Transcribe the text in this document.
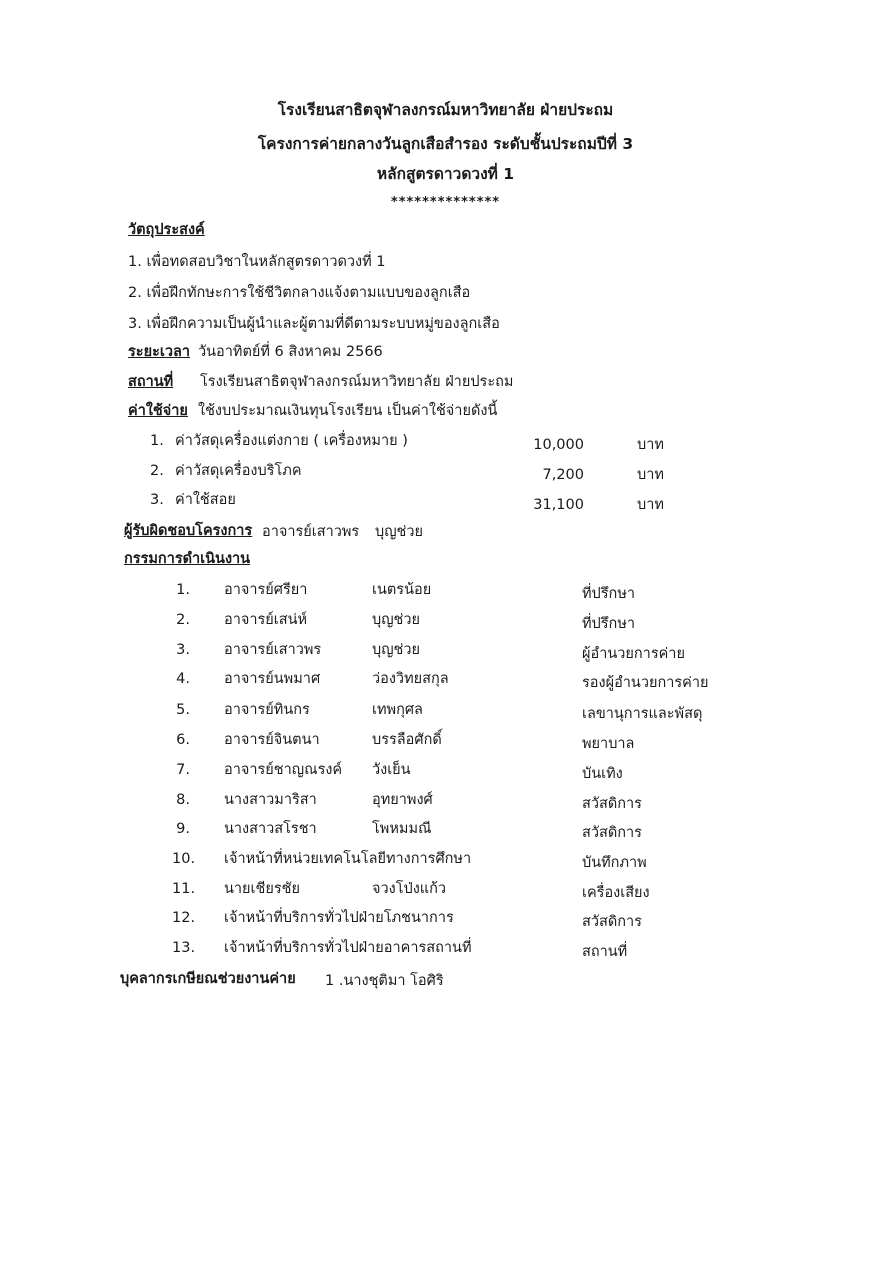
โรงเรียนสาธิตจุฬาลงกรณ์มหาวิทยาลัย ฝ่ายประถม
โครงการค่ายกลางวันลูกเสือสำรอง ระดับชั้นประถมปีที่ 3
หลักสูตรดาวดวงที่ 1
**************
วัตถุประสงค์
1. เพื่อทดสอบวิชาในหลักสูตรดาวดวงที่ 1
2. เพื่อฝึกทักษะการใช้ชีวิตกลางแจ้งตามแบบของลูกเสือ
3. เพื่อฝึกความเป็นผู้นำและผู้ตามที่ดีตามระบบหมู่ของลูกเสือ
ระยะเวลา วันอาทิตย์ที่ 6 สิงหาคม 2566
สถานที่ โรงเรียนสาธิตจุฬาลงกรณ์มหาวิทยาลัย ฝ่ายประถม
ค่าใช้จ่าย ใช้งบประมาณเงินทุนโรงเรียน เป็นค่าใช้จ่ายดังนี้
1. ค่าวัสดุเครื่องแต่งกาย ( เครื่องหมาย )	10,000	บาท
2. ค่าวัสดุเครื่องบริโภค	7,200	บาท
3. ค่าใช้สอย	31,100	บาท
ผู้รับผิดชอบโครงการ อาจารย์เสาวพร บุญช่วย
กรรมการดำเนินงาน
1. อาจารย์ศรียา	เนตรน้อย	ที่ปรึกษา
2. อาจารย์เสน่ห์	บุญช่วย	ที่ปรึกษา
3. อาจารย์เสาวพร	บุญช่วย	ผู้อำนวยการค่าย
4. อาจารย์นพมาศ	ว่องวิทยสกุล	รองผู้อำนวยการค่าย
5. อาจารย์ทินกร	เทพกุศล	เลขานุการและพัสดุ
6. อาจารย์จินตนา	บรรลือศักดิ์	พยาบาล
7. อาจารย์ชาญณรงค์ วังเย็น	บันเทิง
8. นางสาวมาริสา	อุทยาพงศ์	สวัสดิการ
9. นางสาวสโรชา	โพหมมณี	สวัสดิการ
10. เจ้าหน้าที่หน่วยเทคโนโลยีทางการศึกษา	บันทึกภาพ
11. นายเชียรชัย	จวงโป่งแก้ว	เครื่องเสียง
12. เจ้าหน้าที่บริการทั่วไปฝ่ายโภชนาการ	สวัสดิการ
13. เจ้าหน้าที่บริการทั่วไปฝ่ายอาคารสถานที่	สถานที่
บุคลากรเกษียณช่วยงานค่าย 1 .นางชุติมา โอศิริ
